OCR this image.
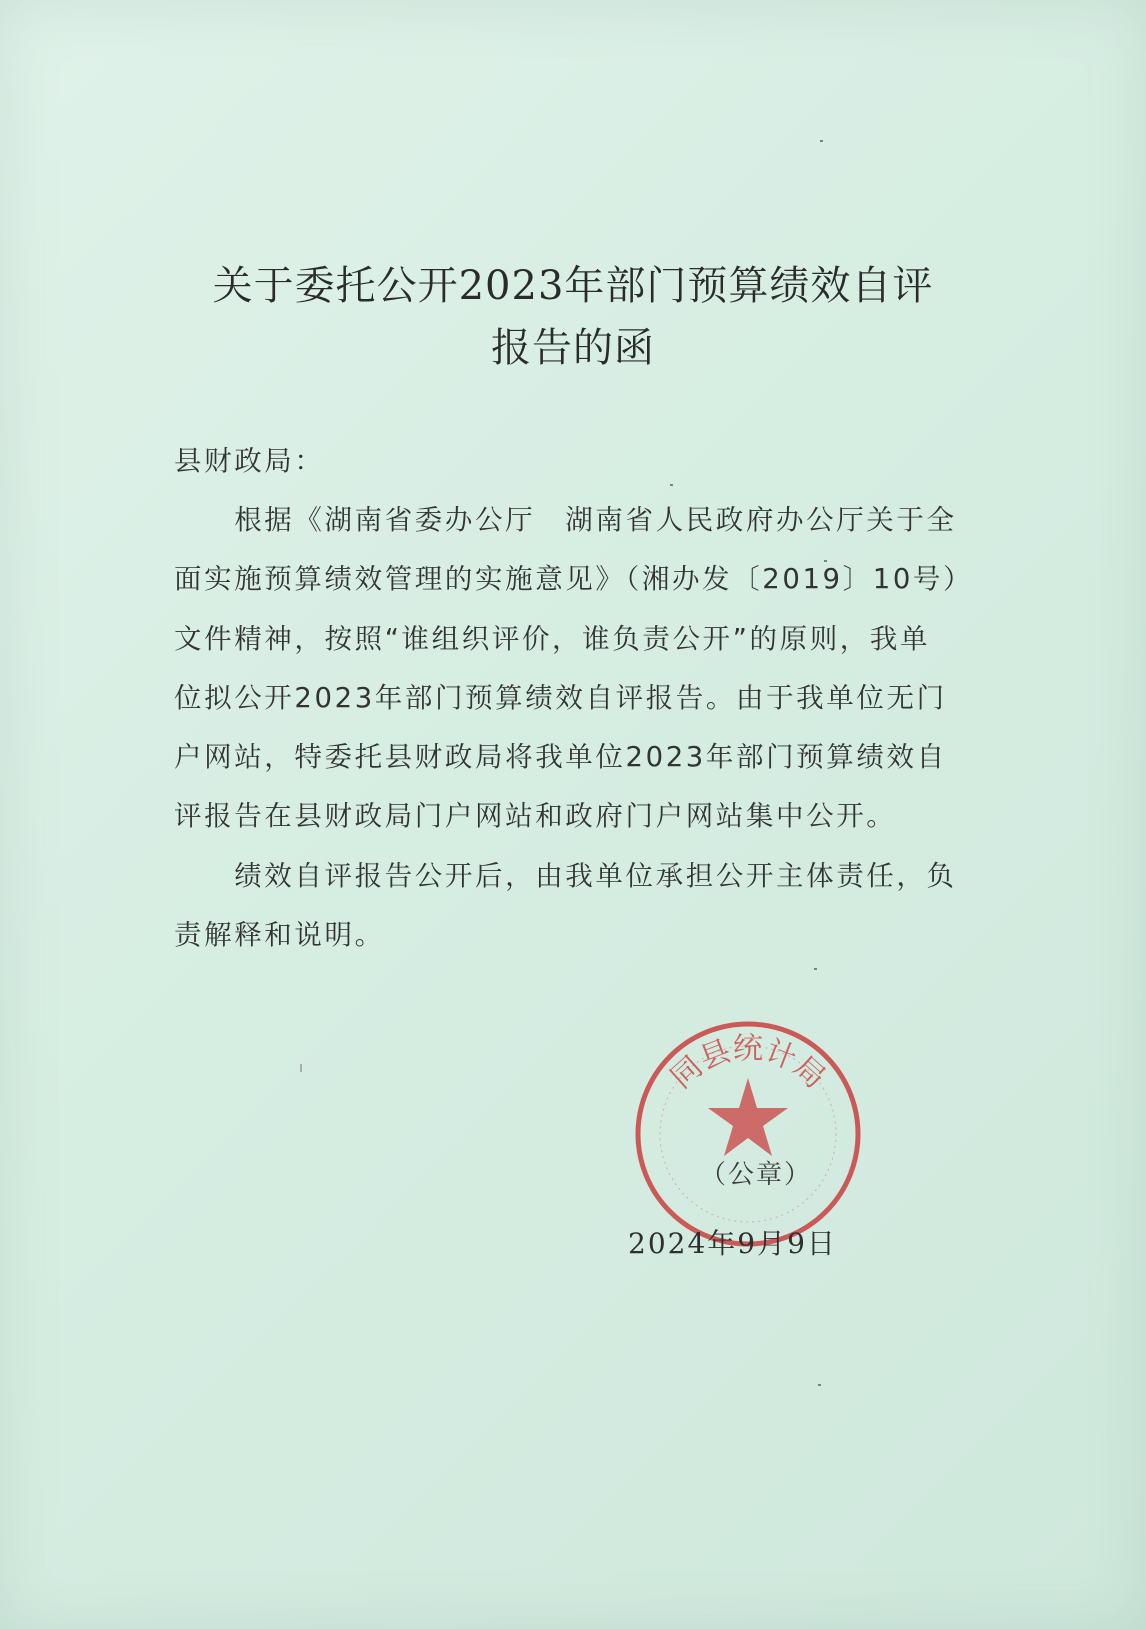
关于委托公开2023年部门预算绩效自评
报告的函
县财政局：
　　根据《湖南省委办公厅　湖南省人民政府办公厅关于全
面实施预算绩效管理的实施意见》（湘办发〔2019〕10号）
文件精神，按照“谁组织评价，谁负责公开”的原则，我单
位拟公开2023年部门预算绩效自评报告。由于我单位无门
户网站，特委托县财政局将我单位2023年部门预算绩效自
评报告在县财政局门户网站和政府门户网站集中公开。
　　绩效自评报告公开后，由我单位承担公开主体责任，负
责解释和说明。
同县统计局
（公章）
2024年9月9日
